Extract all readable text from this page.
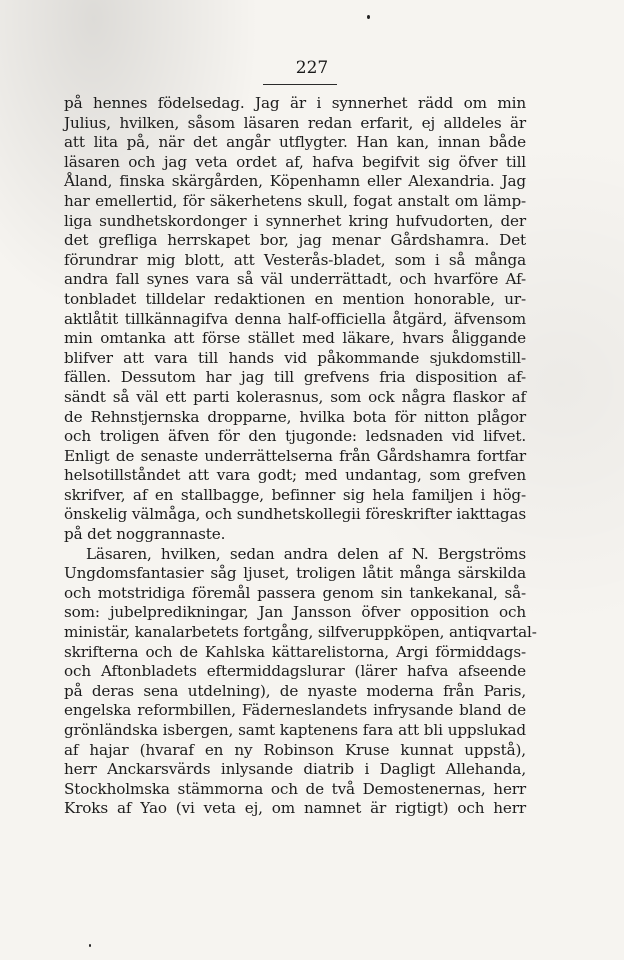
227

på hennes födelsedag. Jag är i synnerhet rädd om min
Julius, hvilken, såsom läsaren redan erfarit, ej alldeles är
att lita på, när det angår utflygter. Han kan, innan både
läsaren och jag veta ordet af, hafva begifvit sig öfver till
Åland, finska skärgården, Köpenhamn eller Alexandria. Jag
har emellertid, för säkerhetens skull, fogat anstalt om lämp-
liga sundhetskordonger i synnerhet kring hufvudorten, der
det grefliga herrskapet bor, jag menar Gårdshamra. Det
förundrar mig blott, att Vesterås-bladet, som i så många
andra fall synes vara så väl underrättadt, och hvarföre Af-
tonbladet tilldelar redaktionen en mention honorable, ur-
aktlåtit tillkännagifva denna half-officiella åtgärd, äfvensom
min omtanka att förse stället med läkare, hvars åliggande
blifver att vara till hands vid påkommande sjukdomstill-
fällen. Dessutom har jag till grefvens fria disposition af-
sändt så väl ett parti kolerasnus, som ock några flaskor af
de Rehnstjernska dropparne, hvilka bota för nitton plågor
och troligen äfven för den tjugonde: ledsnaden vid lifvet.
Enligt de senaste underrättelserna från Gårdshamra fortfar
helsotillståndet att vara godt; med undantag, som grefven
skrifver, af en stallbagge, befinner sig hela familjen i hög-
önskelig välmåga, och sundhetskollegii föreskrifter iakttagas
på det noggrannaste.
Läsaren, hvilken, sedan andra delen af N. Bergströms
Ungdomsfantasier såg ljuset, troligen låtit många särskilda
och motstridiga föremål passera genom sin tankekanal, så-
som: jubelpredikningar, Jan Jansson öfver opposition och
ministär, kanalarbetets fortgång, silfveruppköpen, antiqvartal-
skrifterna och de Kahlska kättarelistorna, Argi förmiddags-
och Aftonbladets eftermiddagslurar (lärer hafva afseende
på deras sena utdelning), de nyaste moderna från Paris,
engelska reformbillen, Fäderneslandets infrysande bland de
grönländska isbergen, samt kaptenens fara att bli uppslukad
af hajar (hvaraf en ny Robinson Kruse kunnat uppstå),
herr Anckarsvärds inlysande diatrib i Dagligt Allehanda,
Stockholmska stämmorna och de två Demostenernas, herr
Kroks af Yao (vi veta ej, om namnet är rigtigt) och herr
